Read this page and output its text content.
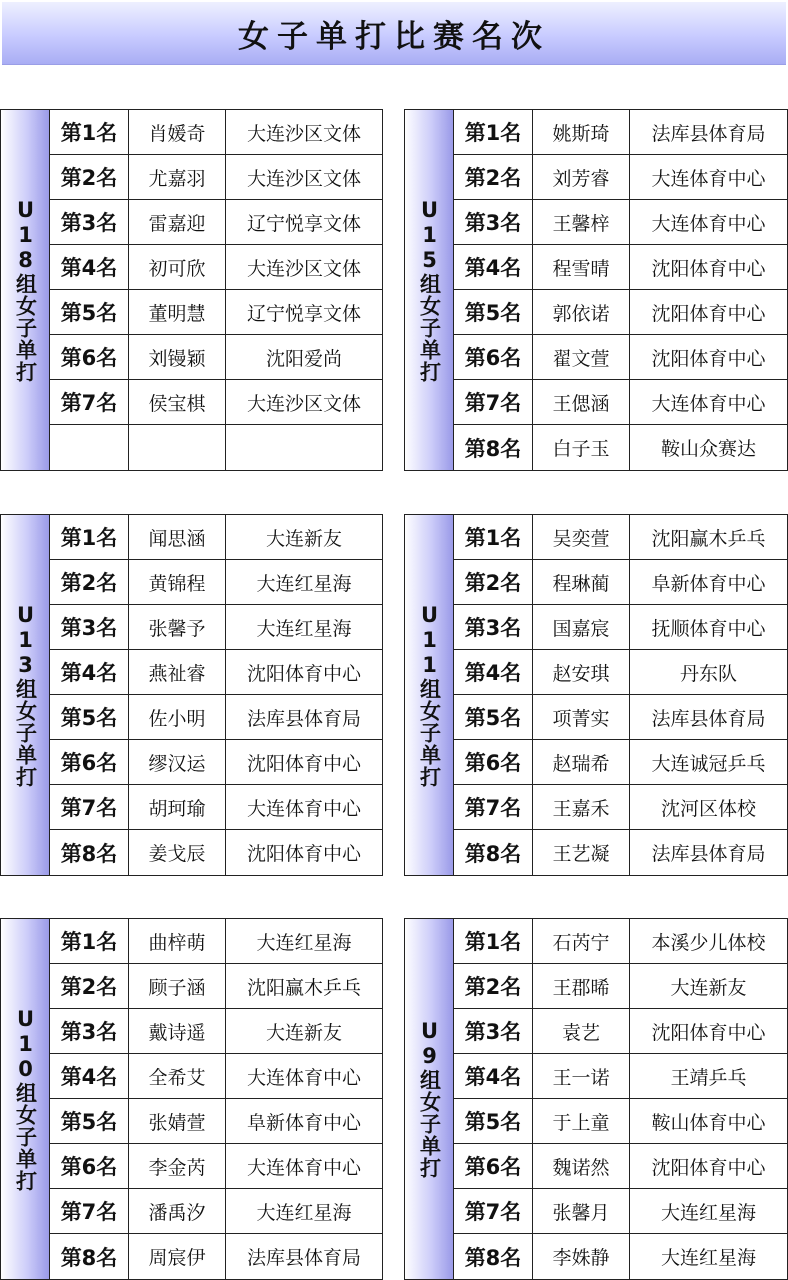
女子单打比赛名次
U18组女子单打
第1名	肖媛奇	大连沙区文体
第2名	尤嘉羽	大连沙区文体
第3名	雷嘉迎	辽宁悦享文体
第4名	初可欣	大连沙区文体
第5名	董明慧	辽宁悦享文体
第6名	刘镘颖	沈阳爱尚
第7名	侯宝棋	大连沙区文体
U15组女子单打
第1名	姚斯琦	法库县体育局
第2名	刘芳睿	大连体育中心
第3名	王馨梓	大连体育中心
第4名	程雪晴	沈阳体育中心
第5名	郭依诺	沈阳体育中心
第6名	翟文萱	沈阳体育中心
第7名	王偲涵	大连体育中心
第8名	白子玉	鞍山众赛达
U13组女子单打
第1名	闻思涵	大连新友
第2名	黄锦程	大连红星海
第3名	张馨予	大连红星海
第4名	燕祉睿	沈阳体育中心
第5名	佐小明	法库县体育局
第6名	缪汉运	沈阳体育中心
第7名	胡珂瑜	大连体育中心
第8名	姜戈辰	沈阳体育中心
U11组女子单打
第1名	吴奕萱	沈阳赢木乒乓
第2名	程琳蔺	阜新体育中心
第3名	国嘉宸	抚顺体育中心
第4名	赵安琪	丹东队
第5名	项菁实	法库县体育局
第6名	赵瑞希	大连诚冠乒乓
第7名	王嘉禾	沈河区体校
第8名	王艺凝	法库县体育局
U10组女子单打
第1名	曲梓萌	大连红星海
第2名	顾子涵	沈阳赢木乒乓
第3名	戴诗遥	大连新友
第4名	全希艾	大连体育中心
第5名	张婧萱	阜新体育中心
第6名	李金芮	大连体育中心
第7名	潘禹汐	大连红星海
第8名	周宸伊	法库县体育局
U9组女子单打
第1名	石芮宁	本溪少儿体校
第2名	王郡晞	大连新友
第3名	袁艺	沈阳体育中心
第4名	王一诺	王靖乒乓
第5名	于上童	鞍山体育中心
第6名	魏诺然	沈阳体育中心
第7名	张馨月	大连红星海
第8名	李姝静	大连红星海
